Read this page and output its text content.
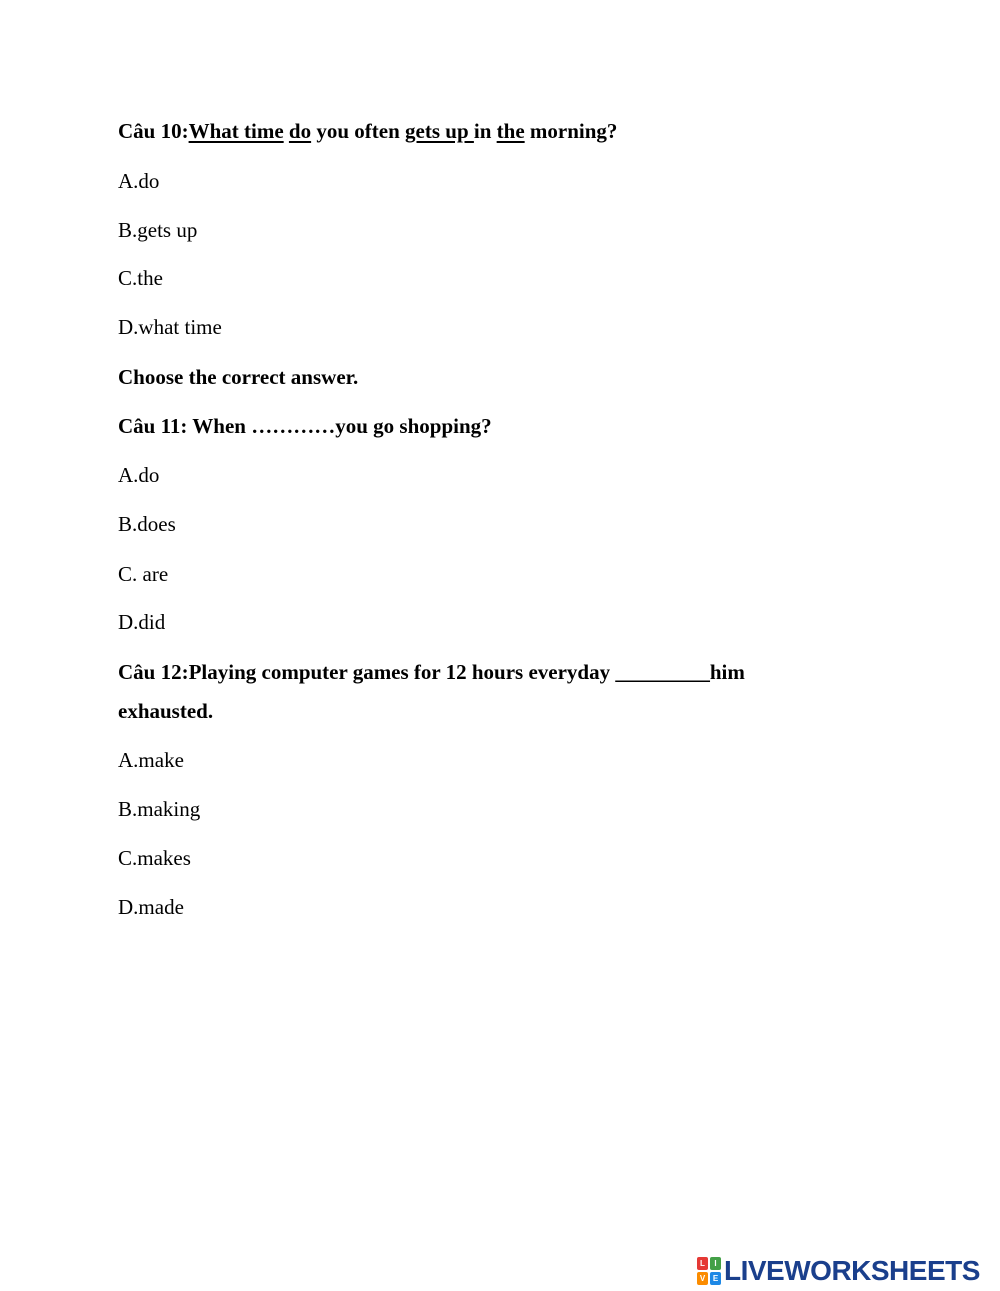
Câu 10:What time do you often gets up in the morning?
A.do
B.gets up
C.the
D.what time
Choose the correct answer.
Câu 11: When …………you go shopping?
A.do
B.does
C. are
D.did
Câu 12:Playing computer games for 12 hours everyday _________him
exhausted.
A.make
B.making
C.makes
D.made
L	I
V E LIVEWORKSHEETS
